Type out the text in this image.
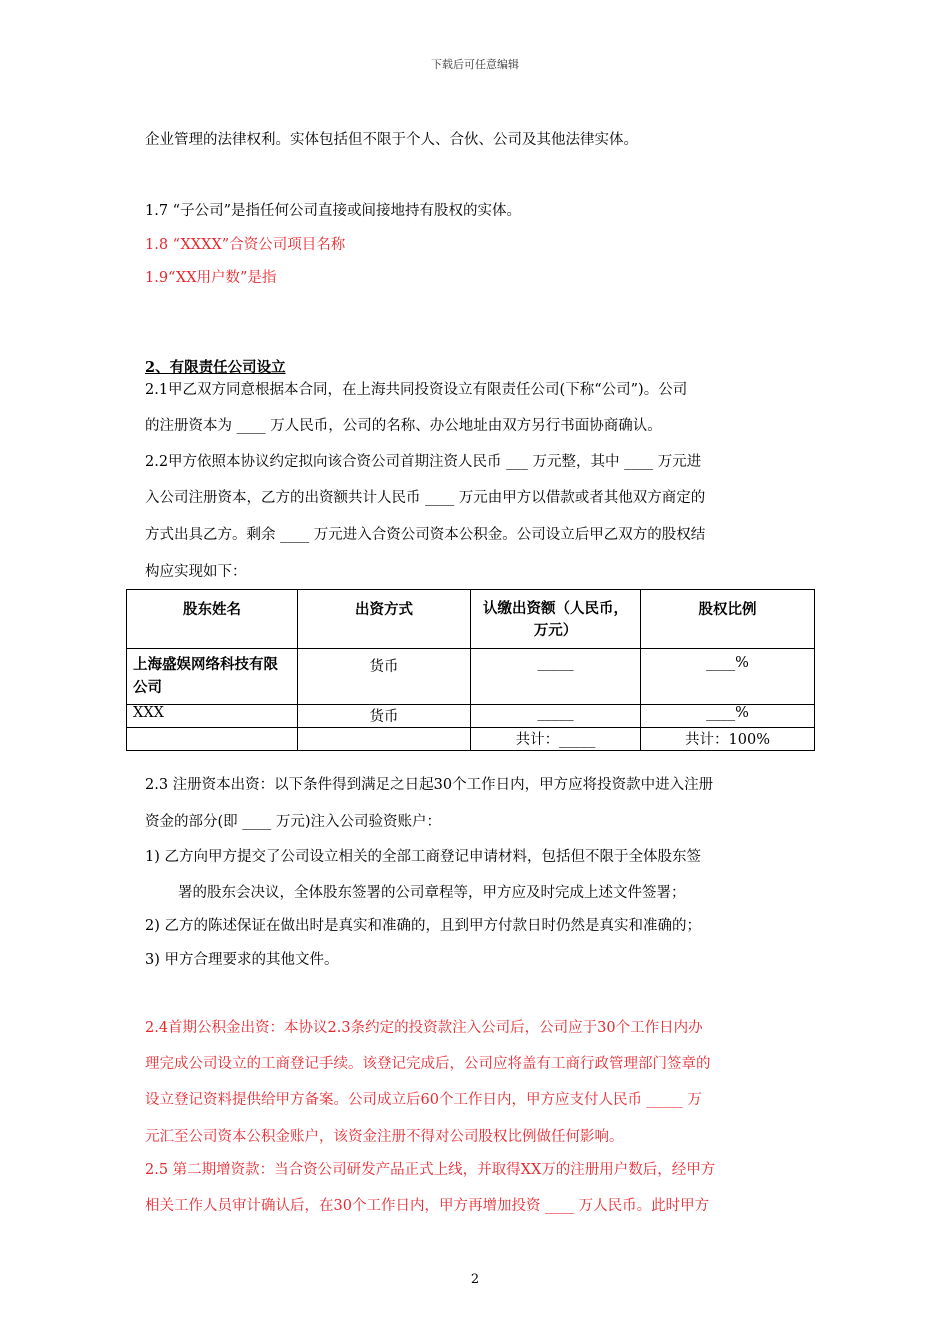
下载后可任意编辑
企业管理的法律权利。实体包括但不限于个人、合伙、公司及其他法律实体。
1.7 “子公司”是指任何公司直接或间接地持有股权的实体。
1.8 “XXXX”合资公司项目名称
1.9“XX用户数”是指
2、有限责任公司设立
2.1甲乙双方同意根据本合同，在上海共同投资设立有限责任公司(下称“公司”)。公司
的注册资本为 ____ 万人民币，公司的名称、办公地址由双方另行书面协商确认。
2.2甲方依照本协议约定拟向该合资公司首期注资人民币 ___ 万元整，其中 ____ 万元进
入公司注册资本，乙方的出资额共计人民币 ____ 万元由甲方以借款或者其他双方商定的
方式出具乙方。剩余 ____ 万元进入合资公司资本公积金。公司设立后甲乙双方的股权结
构应实现如下：
股东姓名	出资方式	认缴出资额（人民币，万元）	股权比例
上海盛娱网络科技有限公司	货币	_____	____%
XXX	货币	_____	____%
		共计：_____	共计：100%
2.3 注册资本出资：以下条件得到满足之日起30个工作日内，甲方应将投资款中进入注册
资金的部分(即 ____ 万元)注入公司验资账户：
1) 乙方向甲方提交了公司设立相关的全部工商登记申请材料，包括但不限于全体股东签
署的股东会决议，全体股东签署的公司章程等，甲方应及时完成上述文件签署；
2) 乙方的陈述保证在做出时是真实和准确的，且到甲方付款日时仍然是真实和准确的；
3) 甲方合理要求的其他文件。
2.4首期公积金出资：本协议2.3条约定的投资款注入公司后，公司应于30个工作日内办
理完成公司设立的工商登记手续。该登记完成后，公司应将盖有工商行政管理部门签章的
设立登记资料提供给甲方备案。公司成立后60个工作日内，甲方应支付人民币 _____ 万
元汇至公司资本公积金账户，该资金注册不得对公司股权比例做任何影响。
2.5 第二期增资款：当合资公司研发产品正式上线，并取得XX万的注册用户数后，经甲方
相关工作人员审计确认后，在30个工作日内，甲方再增加投资 ____ 万人民币。此时甲方
2
